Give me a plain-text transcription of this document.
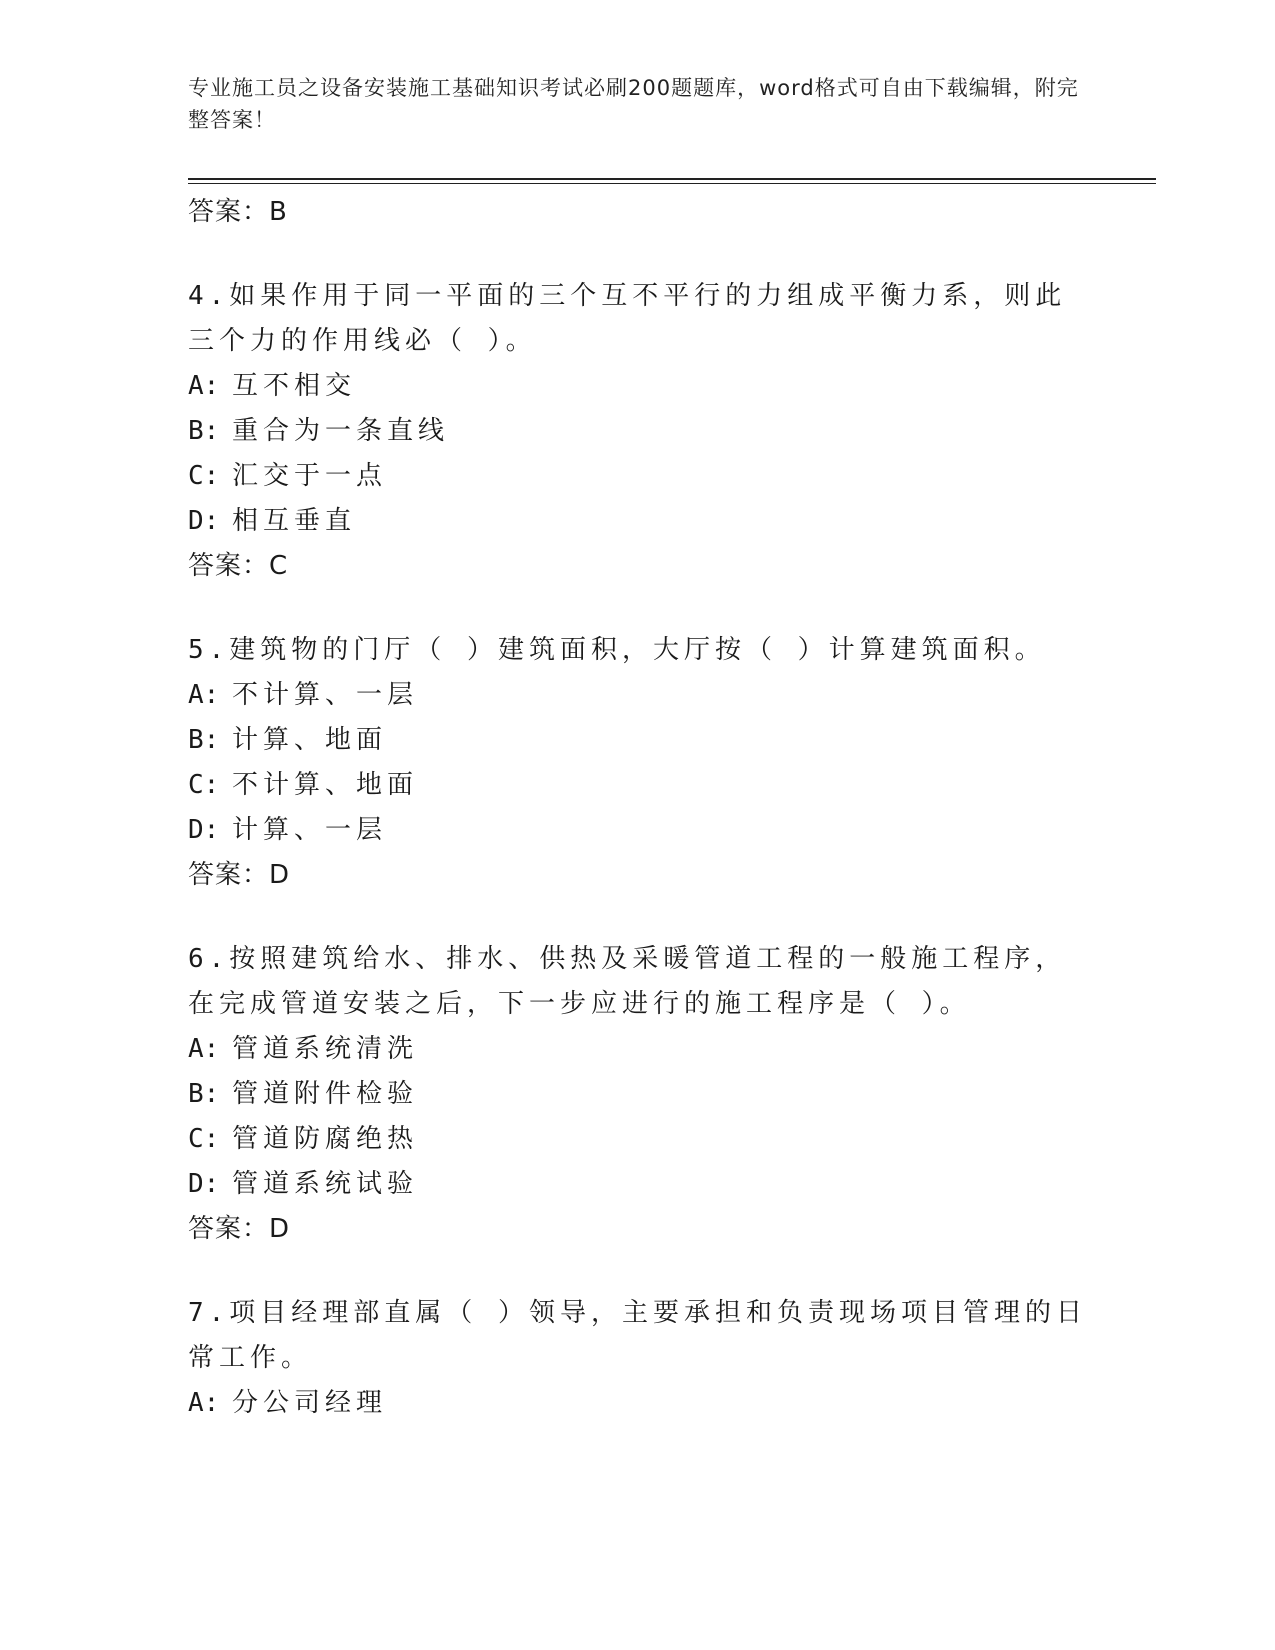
专业施工员之设备安装施工基础知识考试必刷200题题库，word格式可自由下载编辑，附完整答案！
答案：B
4.如果作用于同一平面的三个互不平行的力组成平衡力系，则此三个力的作用线必（ ）。
A: 互不相交
B: 重合为一条直线
C: 汇交于一点
D: 相互垂直
答案：C
5.建筑物的门厅（ ）建筑面积，大厅按（ ）计算建筑面积。
A: 不计算、一层
B: 计算、地面
C: 不计算、地面
D: 计算、一层
答案：D
6.按照建筑给水、排水、供热及采暖管道工程的一般施工程序，在完成管道安装之后，下一步应进行的施工程序是（ ）。
A: 管道系统清洗
B: 管道附件检验
C: 管道防腐绝热
D: 管道系统试验
答案：D
7.项目经理部直属（ ）领导，主要承担和负责现场项目管理的日常工作。
A: 分公司经理
